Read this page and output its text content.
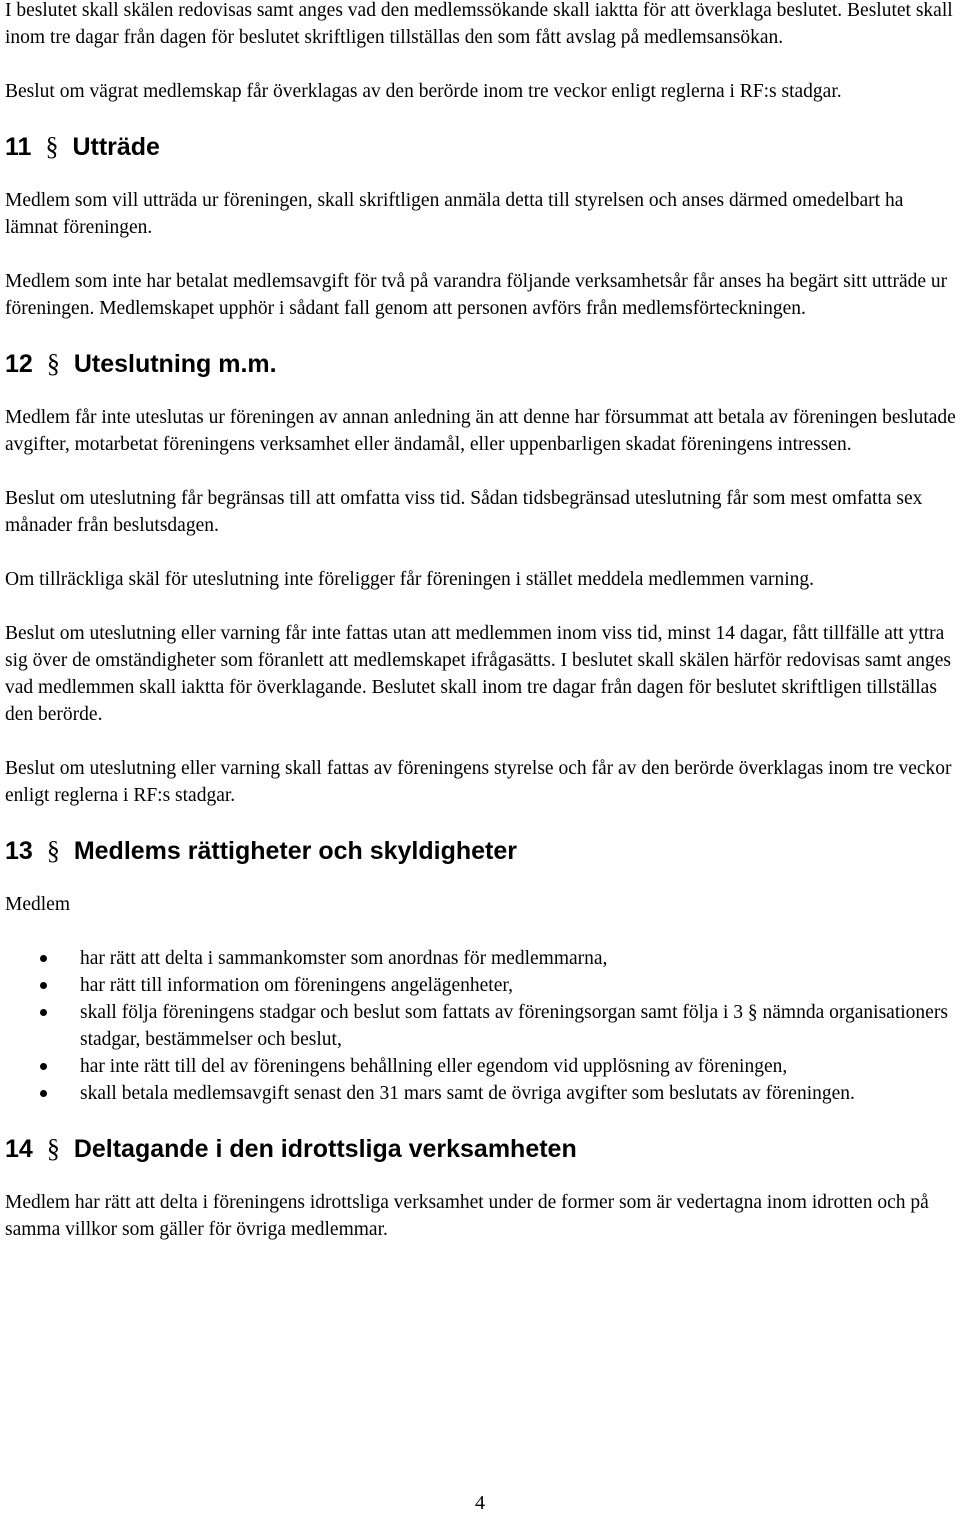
I beslutet skall skälen redovisas samt anges vad den medlemssökande skall iaktta för att överklaga beslutet. Beslutet skall inom tre dagar från dagen för beslutet skriftligen tillställas den som fått avslag på medlemsansökan.

Beslut om vägrat medlemskap får överklagas av den berörde inom tre veckor enligt reglerna i RF:s stadgar.

11 § Utträde

Medlem som vill utträda ur föreningen, skall skriftligen anmäla detta till styrelsen och anses därmed omedelbart ha lämnat föreningen.

Medlem som inte har betalat medlemsavgift för två på varandra följande verksamhetsår får anses ha begärt sitt utträde ur föreningen. Medlemskapet upphör i sådant fall genom att personen avförs från medlemsförteckningen.

12 § Uteslutning m.m.

Medlem får inte uteslutas ur föreningen av annan anledning än att denne har försummat att betala av föreningen beslutade avgifter, motarbetat föreningens verksamhet eller ändamål, eller uppenbarligen skadat föreningens intressen.

Beslut om uteslutning får begränsas till att omfatta viss tid. Sådan tidsbegränsad uteslutning får som mest omfatta sex månader från beslutsdagen.

Om tillräckliga skäl för uteslutning inte föreligger får föreningen i stället meddela medlemmen varning.

Beslut om uteslutning eller varning får inte fattas utan att medlemmen inom viss tid, minst 14 dagar, fått tillfälle att yttra sig över de omständigheter som föranlett att medlemskapet ifrågasätts. I beslutet skall skälen härför redovisas samt anges vad medlemmen skall iaktta för överklagande. Beslutet skall inom tre dagar från dagen för beslutet skriftligen tillställas den berörde.

Beslut om uteslutning eller varning skall fattas av föreningens styrelse och får av den berörde överklagas inom tre veckor enligt reglerna i RF:s stadgar.

13 § Medlems rättigheter och skyldigheter

Medlem

har rätt att delta i sammankomster som anordnas för medlemmarna,
har rätt till information om föreningens angelägenheter,
skall följa föreningens stadgar och beslut som fattats av föreningsorgan samt följa i 3 § nämnda organisationers stadgar, bestämmelser och beslut,
har inte rätt till del av föreningens behållning eller egendom vid upplösning av föreningen,
skall betala medlemsavgift senast den 31 mars samt de övriga avgifter som beslutats av föreningen.
14 § Deltagande i den idrottsliga verksamheten

Medlem har rätt att delta i föreningens idrottsliga verksamhet under de former som är vedertagna inom idrotten och på samma villkor som gäller för övriga medlemmar.

4
